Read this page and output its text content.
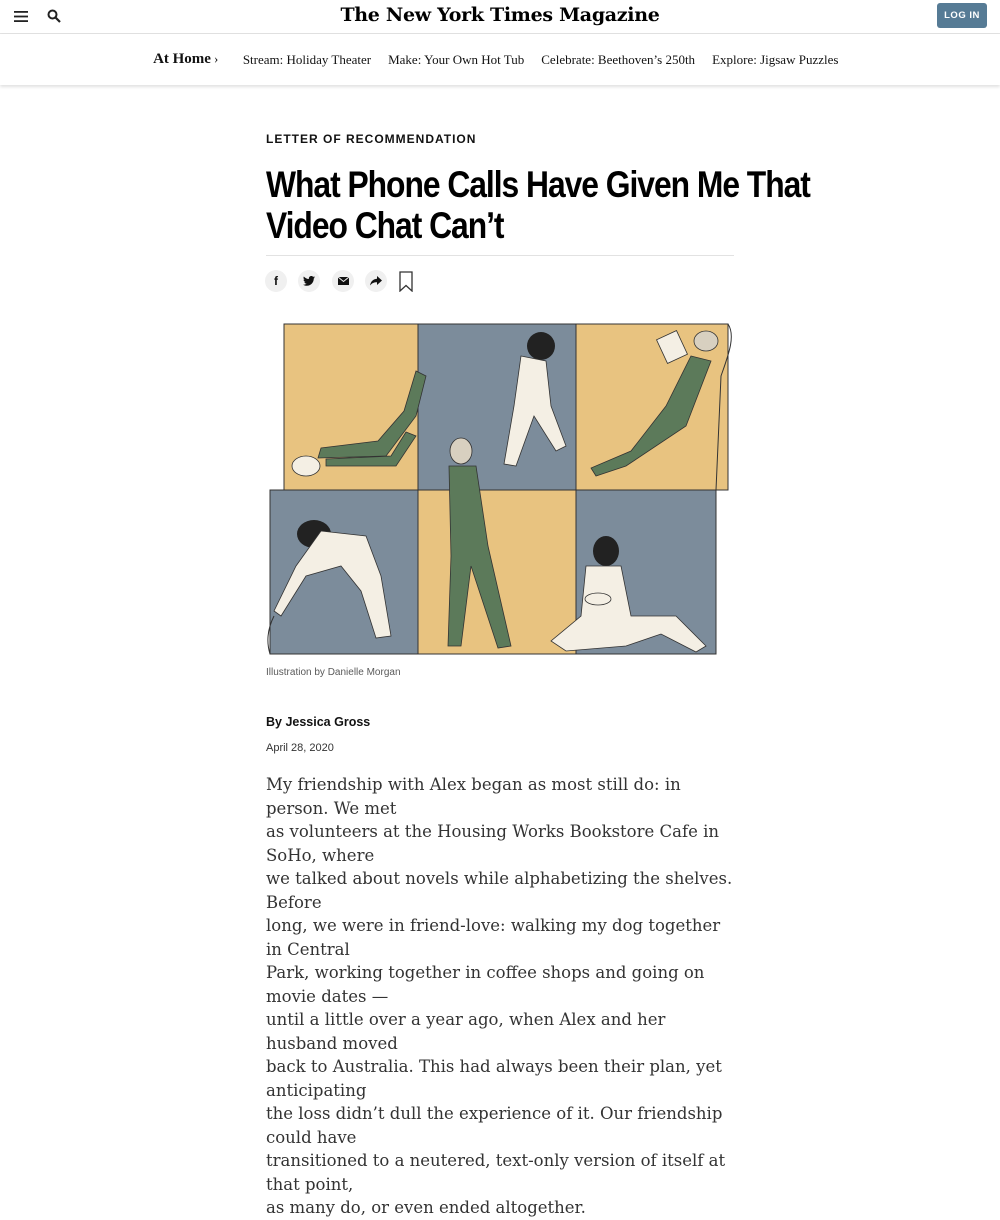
The New York Times Magazine	LOG IN
At Home › Stream: Holiday Theater Make: Your Own Hot Tub Celebrate: Beethoven’s 250th Explore: Jigsaw Puzzles
LETTER OF RECOMMENDATION
What Phone Calls Have Given Me That
Video Chat Can’t
f
Illustration by Danielle Morgan
By Jessica Gross
April 28, 2020

My friendship with Alex began as most still do: in person. We met
as volunteers at the Housing Works Bookstore Cafe in SoHo, where
we talked about novels while alphabetizing the shelves. Before
long, we were in friend-love: walking my dog together in Central
Park, working together in coffee shops and going on movie dates —
until a little over a year ago, when Alex and her husband moved
back to Australia. This had always been their plan, yet anticipating
the loss didn’t dull the experience of it. Our friendship could have
transitioned to a neutered, text-only version of itself at that point,
as many do, or even ended altogether.
